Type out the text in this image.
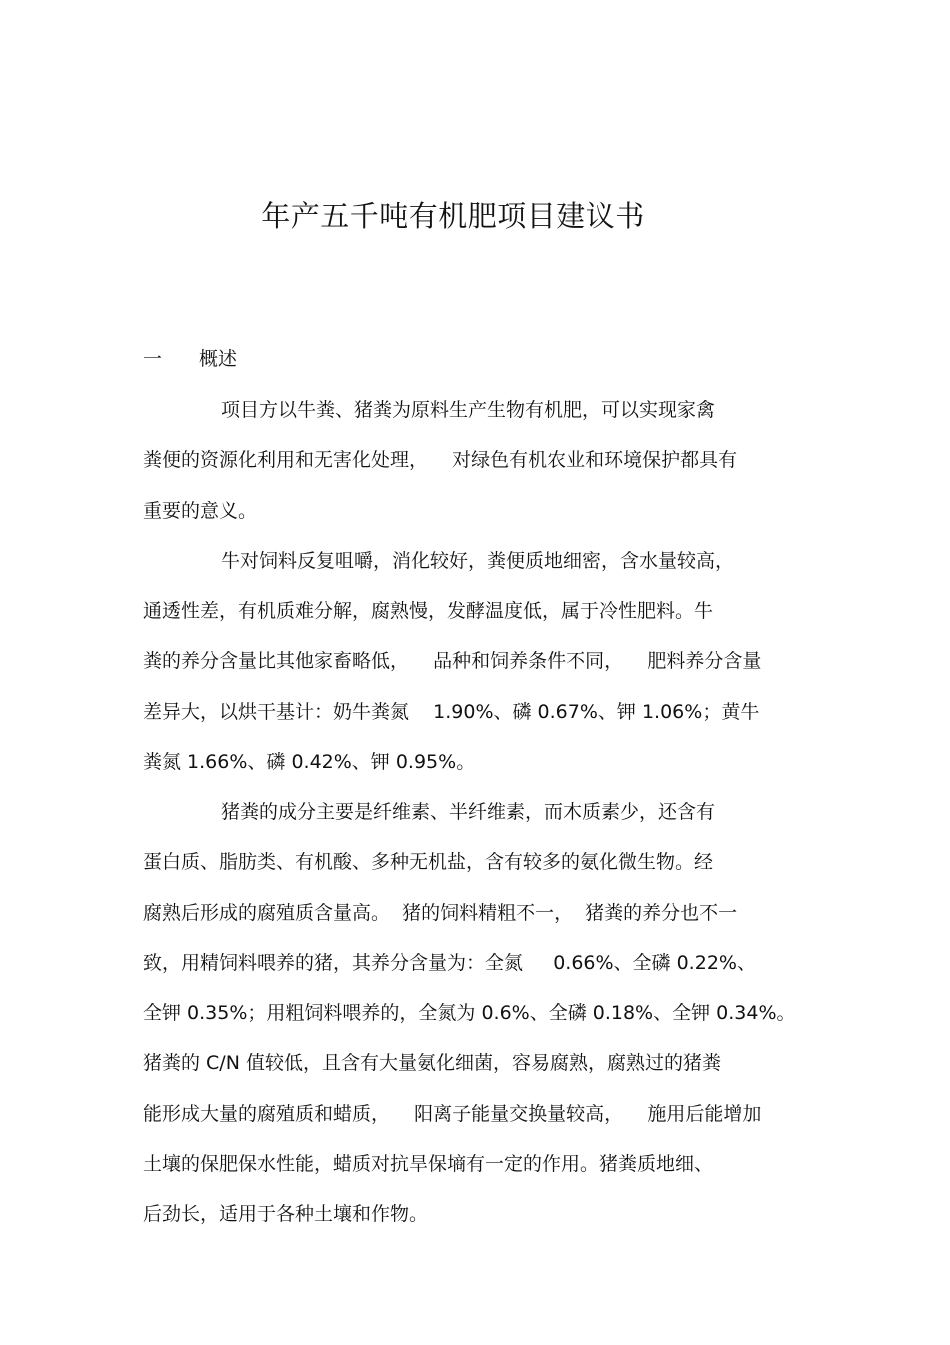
年产五千吨有机肥项目建议书
一 概述
项目方以牛粪、猪粪为原料生产生物有机肥，可以实现家禽
粪便的资源化利用和无害化处理，    对绿色有机农业和环境保护都具有
重要的意义。
牛对饲料反复咀嚼，消化较好，粪便质地细密，含水量较高，
通透性差，有机质难分解，腐熟慢，发酵温度低，属于冷性肥料。牛
粪的养分含量比其他家畜略低，    品种和饲养条件不同，    肥料养分含量
差异大，以烘干基计：奶牛粪氮    1.90%、磷 0.67%、钾 1.06%；黄牛
粪氮 1.66%、磷 0.42%、钾 0.95%。
猪粪的成分主要是纤维素、半纤维素，而木质素少，还含有
蛋白质、脂肪类、有机酸、多种无机盐，含有较多的氨化微生物。经
腐熟后形成的腐殖质含量高。  猪的饲料精粗不一，  猪粪的养分也不一
致，用精饲料喂养的猪，其养分含量为：全氮     0.66%、全磷 0.22%、
全钾 0.35%；用粗饲料喂养的，全氮为 0.6%、全磷 0.18%、全钾 0.34%。
猪粪的 C/N 值较低，且含有大量氨化细菌，容易腐熟，腐熟过的猪粪
能形成大量的腐殖质和蜡质，    阳离子能量交换量较高，    施用后能增加
土壤的保肥保水性能，蜡质对抗旱保墒有一定的作用。猪粪质地细、
后劲长，适用于各种土壤和作物。
